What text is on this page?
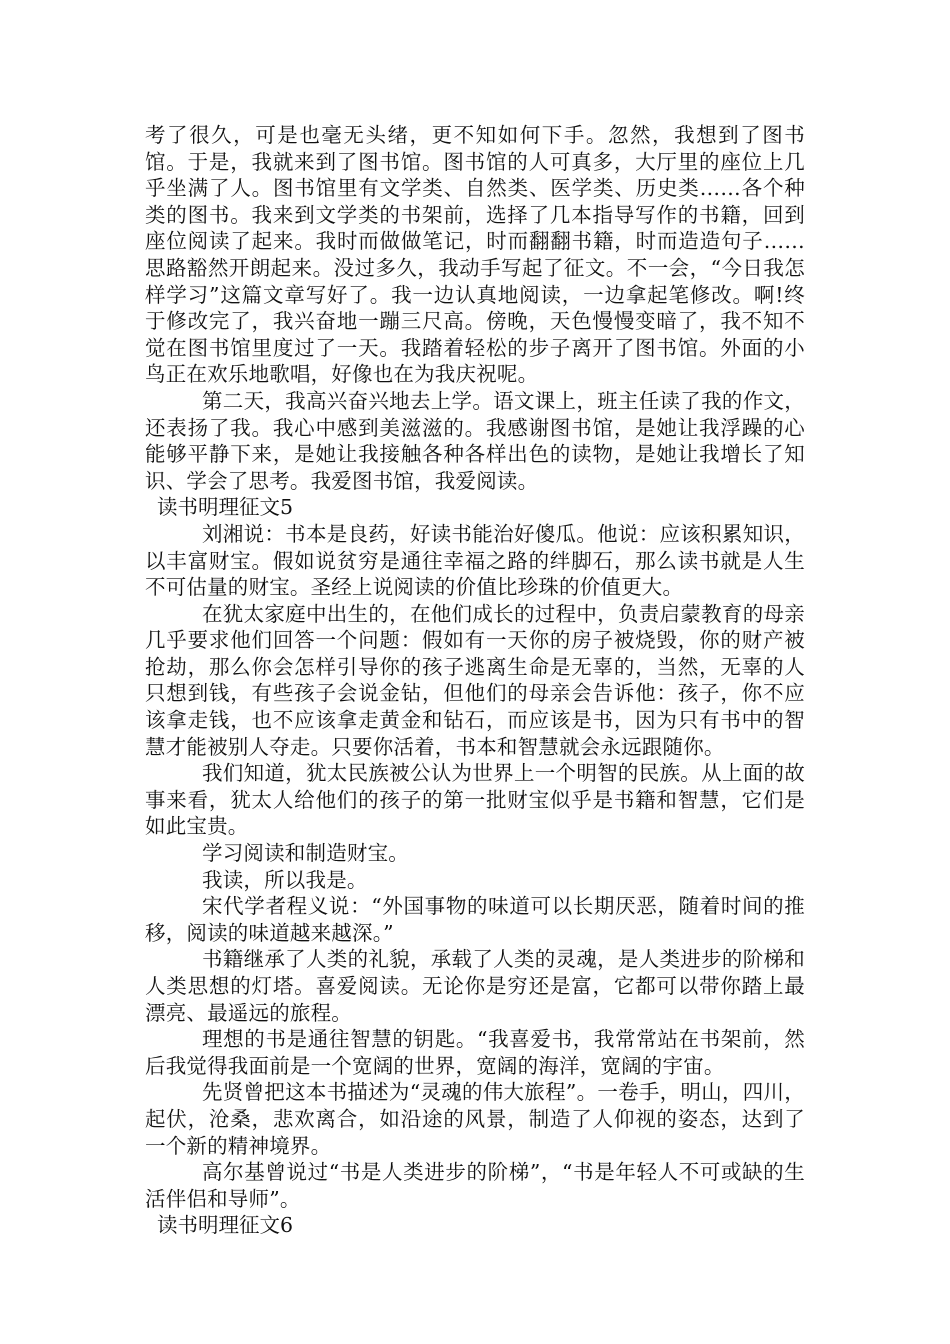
考了很久，可是也毫无头绪，更不知如何下手。忽然，我想到了图书馆。于是，我就来到了图书馆。图书馆的人可真多，大厅里的座位上几乎坐满了人。图书馆里有文学类、自然类、医学类、历史类……各个种类的图书。我来到文学类的书架前，选择了几本指导写作的书籍，回到座位阅读了起来。我时而做做笔记，时而翻翻书籍，时而造造句子……思路豁然开朗起来。没过多久，我动手写起了征文。不一会，“今日我怎样学习”这篇文章写好了。我一边认真地阅读，一边拿起笔修改。啊!终于修改完了，我兴奋地一蹦三尺高。傍晚，天色慢慢变暗了，我不知不觉在图书馆里度过了一天。我踏着轻松的步子离开了图书馆。外面的小鸟正在欢乐地歌唱，好像也在为我庆祝呢。

第二天，我高兴奋兴地去上学。语文课上，班主任读了我的作文，还表扬了我。我心中感到美滋滋的。我感谢图书馆，是她让我浮躁的心能够平静下来，是她让我接触各种各样出色的读物，是她让我增长了知识、学会了思考。我爱图书馆，我爱阅读。

读书明理征文5

刘湘说：书本是良药，好读书能治好傻瓜。他说：应该积累知识，以丰富财宝。假如说贫穷是通往幸福之路的绊脚石，那么读书就是人生不可估量的财宝。圣经上说阅读的价值比珍珠的价值更大。

在犹太家庭中出生的，在他们成长的过程中，负责启蒙教育的母亲几乎要求他们回答一个问题：假如有一天你的房子被烧毁，你的财产被抢劫，那么你会怎样引导你的孩子逃离生命是无辜的，当然，无辜的人只想到钱，有些孩子会说金钻，但他们的母亲会告诉他：孩子，你不应该拿走钱，也不应该拿走黄金和钻石，而应该是书，因为只有书中的智慧才能被别人夺走。只要你活着，书本和智慧就会永远跟随你。

我们知道，犹太民族被公认为世界上一个明智的民族。从上面的故事来看，犹太人给他们的孩子的第一批财宝似乎是书籍和智慧，它们是如此宝贵。

学习阅读和制造财宝。

我读，所以我是。

宋代学者程义说：“外国事物的味道可以长期厌恶，随着时间的推移，阅读的味道越来越深。”

书籍继承了人类的礼貌，承载了人类的灵魂，是人类进步的阶梯和人类思想的灯塔。喜爱阅读。无论你是穷还是富，它都可以带你踏上最漂亮、最遥远的旅程。

理想的书是通往智慧的钥匙。“我喜爱书，我常常站在书架前，然后我觉得我面前是一个宽阔的世界，宽阔的海洋，宽阔的宇宙。

先贤曾把这本书描述为“灵魂的伟大旅程”。一卷手，明山，四川，起伏，沧桑，悲欢离合，如沿途的风景，制造了人仰视的姿态，达到了一个新的精神境界。

高尔基曾说过“书是人类进步的阶梯”，“书是年轻人不可或缺的生活伴侣和导师”。

读书明理征文6
